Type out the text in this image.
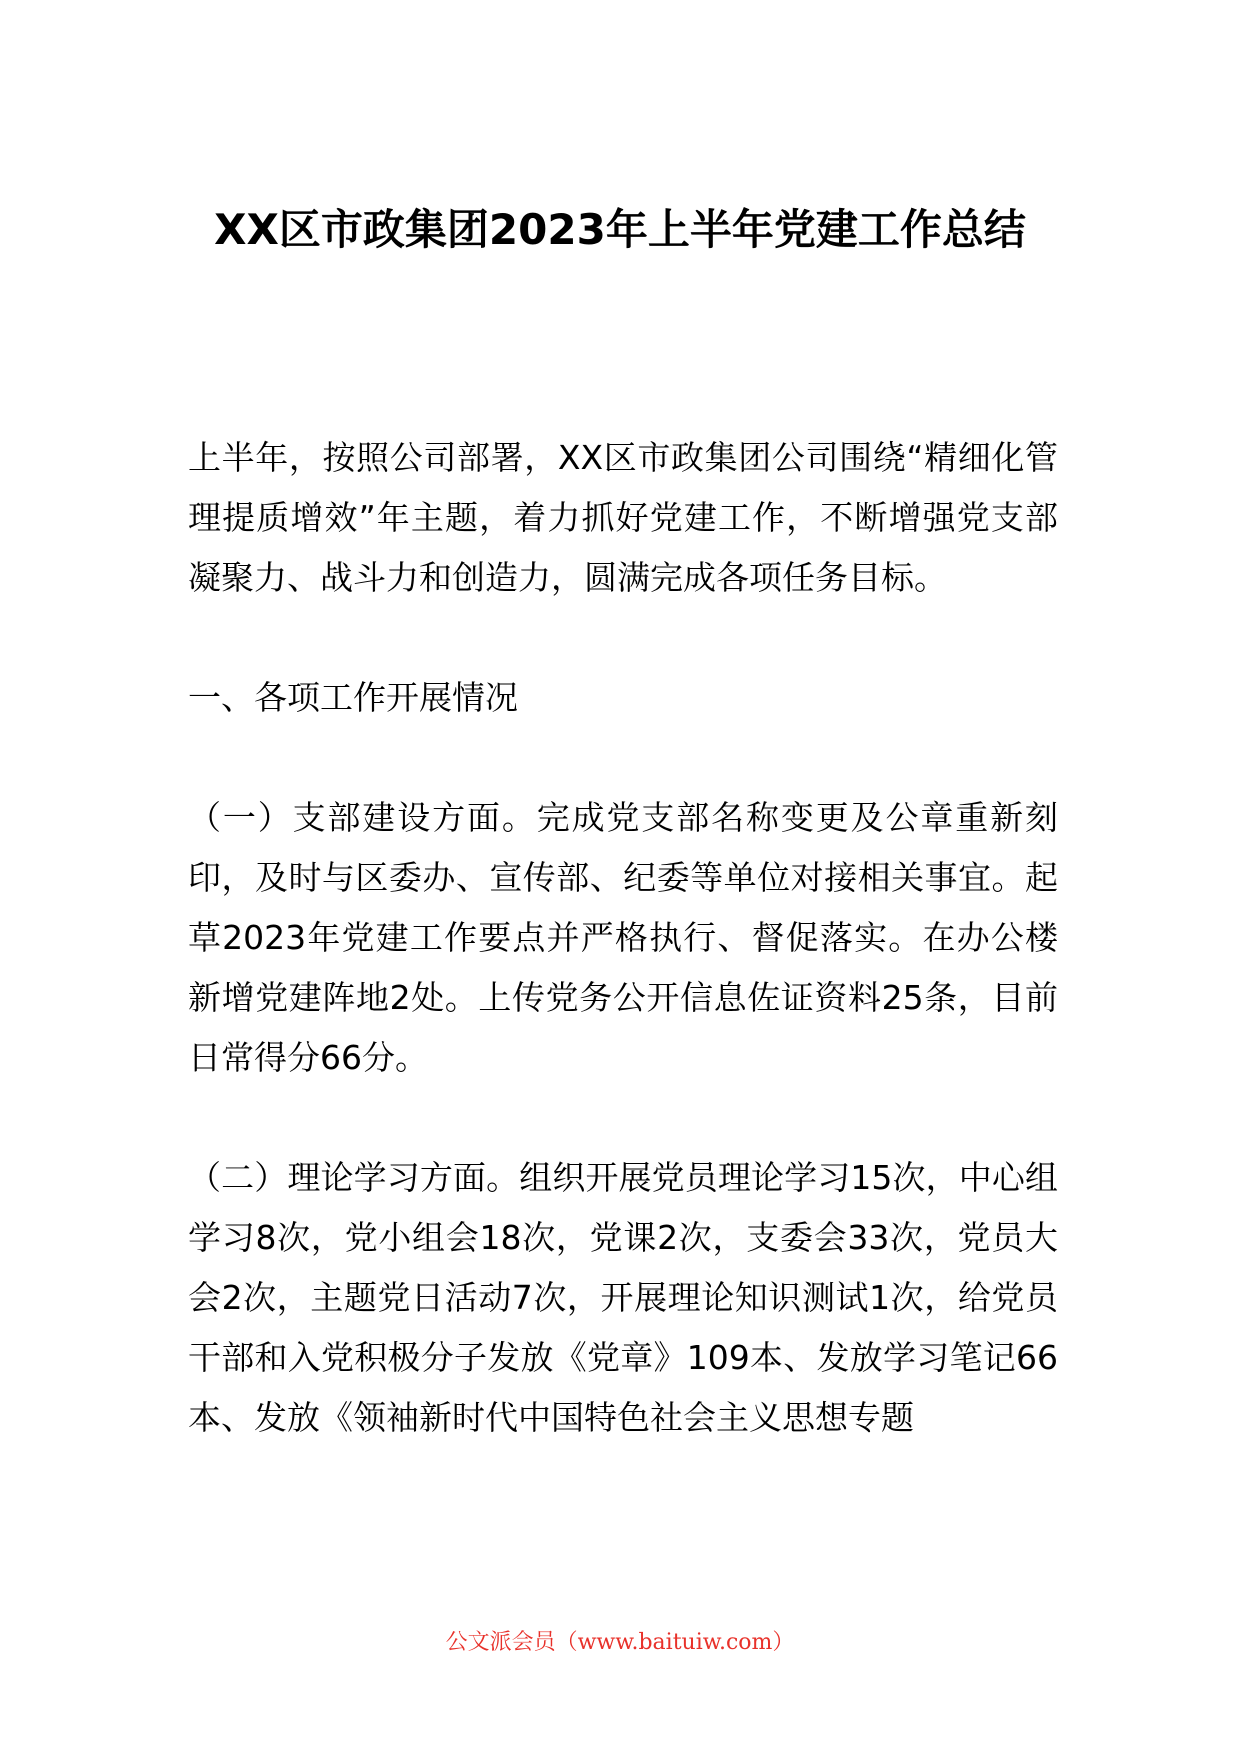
XX区市政集团2023年上半年党建工作总结

上半年，按照公司部署，XX区市政集团公司围绕“精细化管理提质增效”年主题，着力抓好党建工作，不断增强党支部凝聚力、战斗力和创造力，圆满完成各项任务目标。

一、各项工作开展情况

（一）支部建设方面。完成党支部名称变更及公章重新刻印，及时与区委办、宣传部、纪委等单位对接相关事宜。起草2023年党建工作要点并严格执行、督促落实。在办公楼新增党建阵地2处。上传党务公开信息佐证资料25条，目前日常得分66分。

（二）理论学习方面。组织开展党员理论学习15次，中心组学习8次，党小组会18次，党课2次，支委会33次，党员大会2次，主题党日活动7次，开展理论知识测试1次，给党员干部和入党积极分子发放《党章》109本、发放学习笔记66本、发放《领袖新时代中国特色社会主义思想专题

公文派会员（www.baituiw.com）
